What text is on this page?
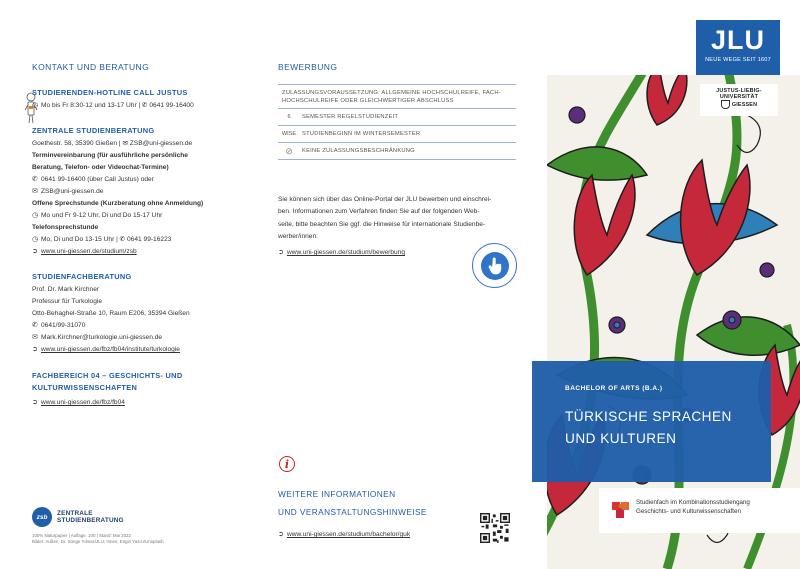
KONTAKT UND BERATUNG
STUDIERENDEN-HOTLINE CALL JUSTUS
◷ Mo bis Fr 8:30-12 und 13-17 Uhr | ✆ 0641 99-16400
ZENTRALE STUDIENBERATUNG
Goethestr. 58, 35390 Gießen | ✉ ZSB@uni-giessen.de
Terminvereinbarung (für ausführliche persönliche
Beratung, Telefon- oder Videochat-Termine)
✆ 0641 99-16400 (über Call Justus) oder
✉ ZSB@uni-giessen.de
Offene Sprechstunde (Kurzberatung ohne Anmeldung)
◷ Mo und Fr 9-12 Uhr, Di und Do 15-17 Uhr
Telefonsprechstunde
◷ Mo, Di und Do 13-15 Uhr | ✆ 0641 99-16223
➲ www.uni-giessen.de/studium/zsb
STUDIENFACHBERATUNG
Prof. Dr. Mark Kirchner
Professur für Turkologie
Otto-Behaghel-Straße 10, Raum E206, 35394 Gießen
✆ 0641/99-31070
✉ Mark.Kirchner@turkologie.uni-giessen.de
➲ www.uni-giessen.de/fbz/fb04/institute/turkologie
FACHBEREICH 04 – GESCHICHTS- UND
KULTURWISSENSCHAFTEN
➲ www.uni-giessen.de/fbz/fb04
zsb	ZENTRALE
STUDIENBERATUNG
100% Naturpapier | Auflage: 100 | Stand: Mai 2022
Bilder: Außen, Dr. Sönge Yılmaz/JLU; Innen, Engin Yazıcı/Unsplash
BEWERBUNG
ZULASSUNGSVORAUSSETZUNG: ALLGEMEINE HOCHSCHULREIFE, FACH-HOCHSCHULREIFE ODER GLEICHWERTIGER ABSCHLUSS
6	SEMESTER REGELSTUDIENZEIT
WISE	STUDIENBEGINN IM WINTERSEMESTER
⊘	KEINE ZULASSUNGSBESCHRÄNKUNG
Sie können sich über das Online-Portal der JLU bewerben und einschrei-
ben. Informationen zum Verfahren finden Sie auf der folgenden Web-
seite, bitte beachten Sie ggf. die Hinweise für internationale Studienbe-
werber/innen:
➲ www.uni-giessen.de/studium/bewerbung
i
WEITERE INFORMATIONEN
UND VERANSTALTUNGSHINWEISE
➲ www.uni-giessen.de/studium/bachelor/guk
JLU
NEUE WEGE SEIT 1607
JUSTUS-LIEBIG-
UNIVERSITÄT
GIESSEN
BACHELOR OF ARTS (B.A.)
TÜRKISCHE SPRACHEN
UND KULTUREN
Studienfach im Kombinationsstudiengang
Geschichts- und Kulturwissenschaften
